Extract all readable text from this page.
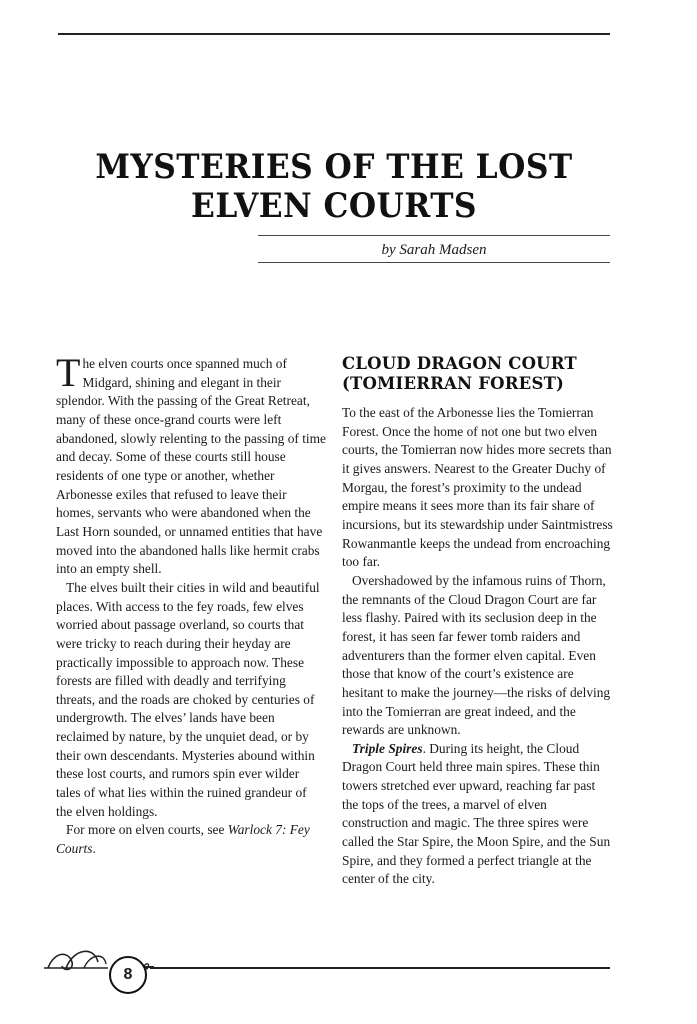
MYSTERIES OF THE LOST
ELVEN COURTS
by Sarah Madsen

The elven courts once spanned much of Midgard, shining and elegant in their splendor. With the passing of the Great Retreat, many of these once-grand courts were left abandoned, slowly relenting to the passing of time and decay. Some of these courts still house residents of one type or another, whether Arbonesse exiles that refused to leave their homes, servants who were abandoned when the Last Horn sounded, or unnamed entities that have moved into the abandoned halls like hermit crabs into an empty shell.

The elves built their cities in wild and beautiful places. With access to the fey roads, few elves worried about passage overland, so courts that were tricky to reach during their heyday are practically impossible to approach now. These forests are filled with deadly and terrifying threats, and the roads are choked by centuries of undergrowth. The elves’ lands have been reclaimed by nature, by the unquiet dead, or by their own descendants. Mysteries abound within these lost courts, and rumors spin ever wilder tales of what lies within the ruined grandeur of the elven holdings.

For more on elven courts, see Warlock 7: Fey Courts.

CLOUD DRAGON COURT
(TOMIERRAN FOREST)

To the east of the Arbonesse lies the Tomierran Forest. Once the home of not one but two elven courts, the Tomierran now hides more secrets than it gives answers. Nearest to the Greater Duchy of Morgau, the forest’s proximity to the undead empire means it sees more than its fair share of incursions, but its stewardship under Saintmistress Rowanmantle keeps the undead from encroaching too far.

Overshadowed by the infamous ruins of Thorn, the remnants of the Cloud Dragon Court are far less flashy. Paired with its seclusion deep in the forest, it has seen far fewer tomb raiders and adventurers than the former elven capital. Even those that know of the court’s existence are hesitant to make the journey—the risks of delving into the Tomierran are great indeed, and the rewards are unknown.

Triple Spires. During its height, the Cloud Dragon Court held three main spires. These thin towers stretched ever upward, reaching far past the tops of the trees, a marvel of elven construction and magic. The three spires were called the Star Spire, the Moon Spire, and the Sun Spire, and they formed a perfect triangle at the center of the city.

8
